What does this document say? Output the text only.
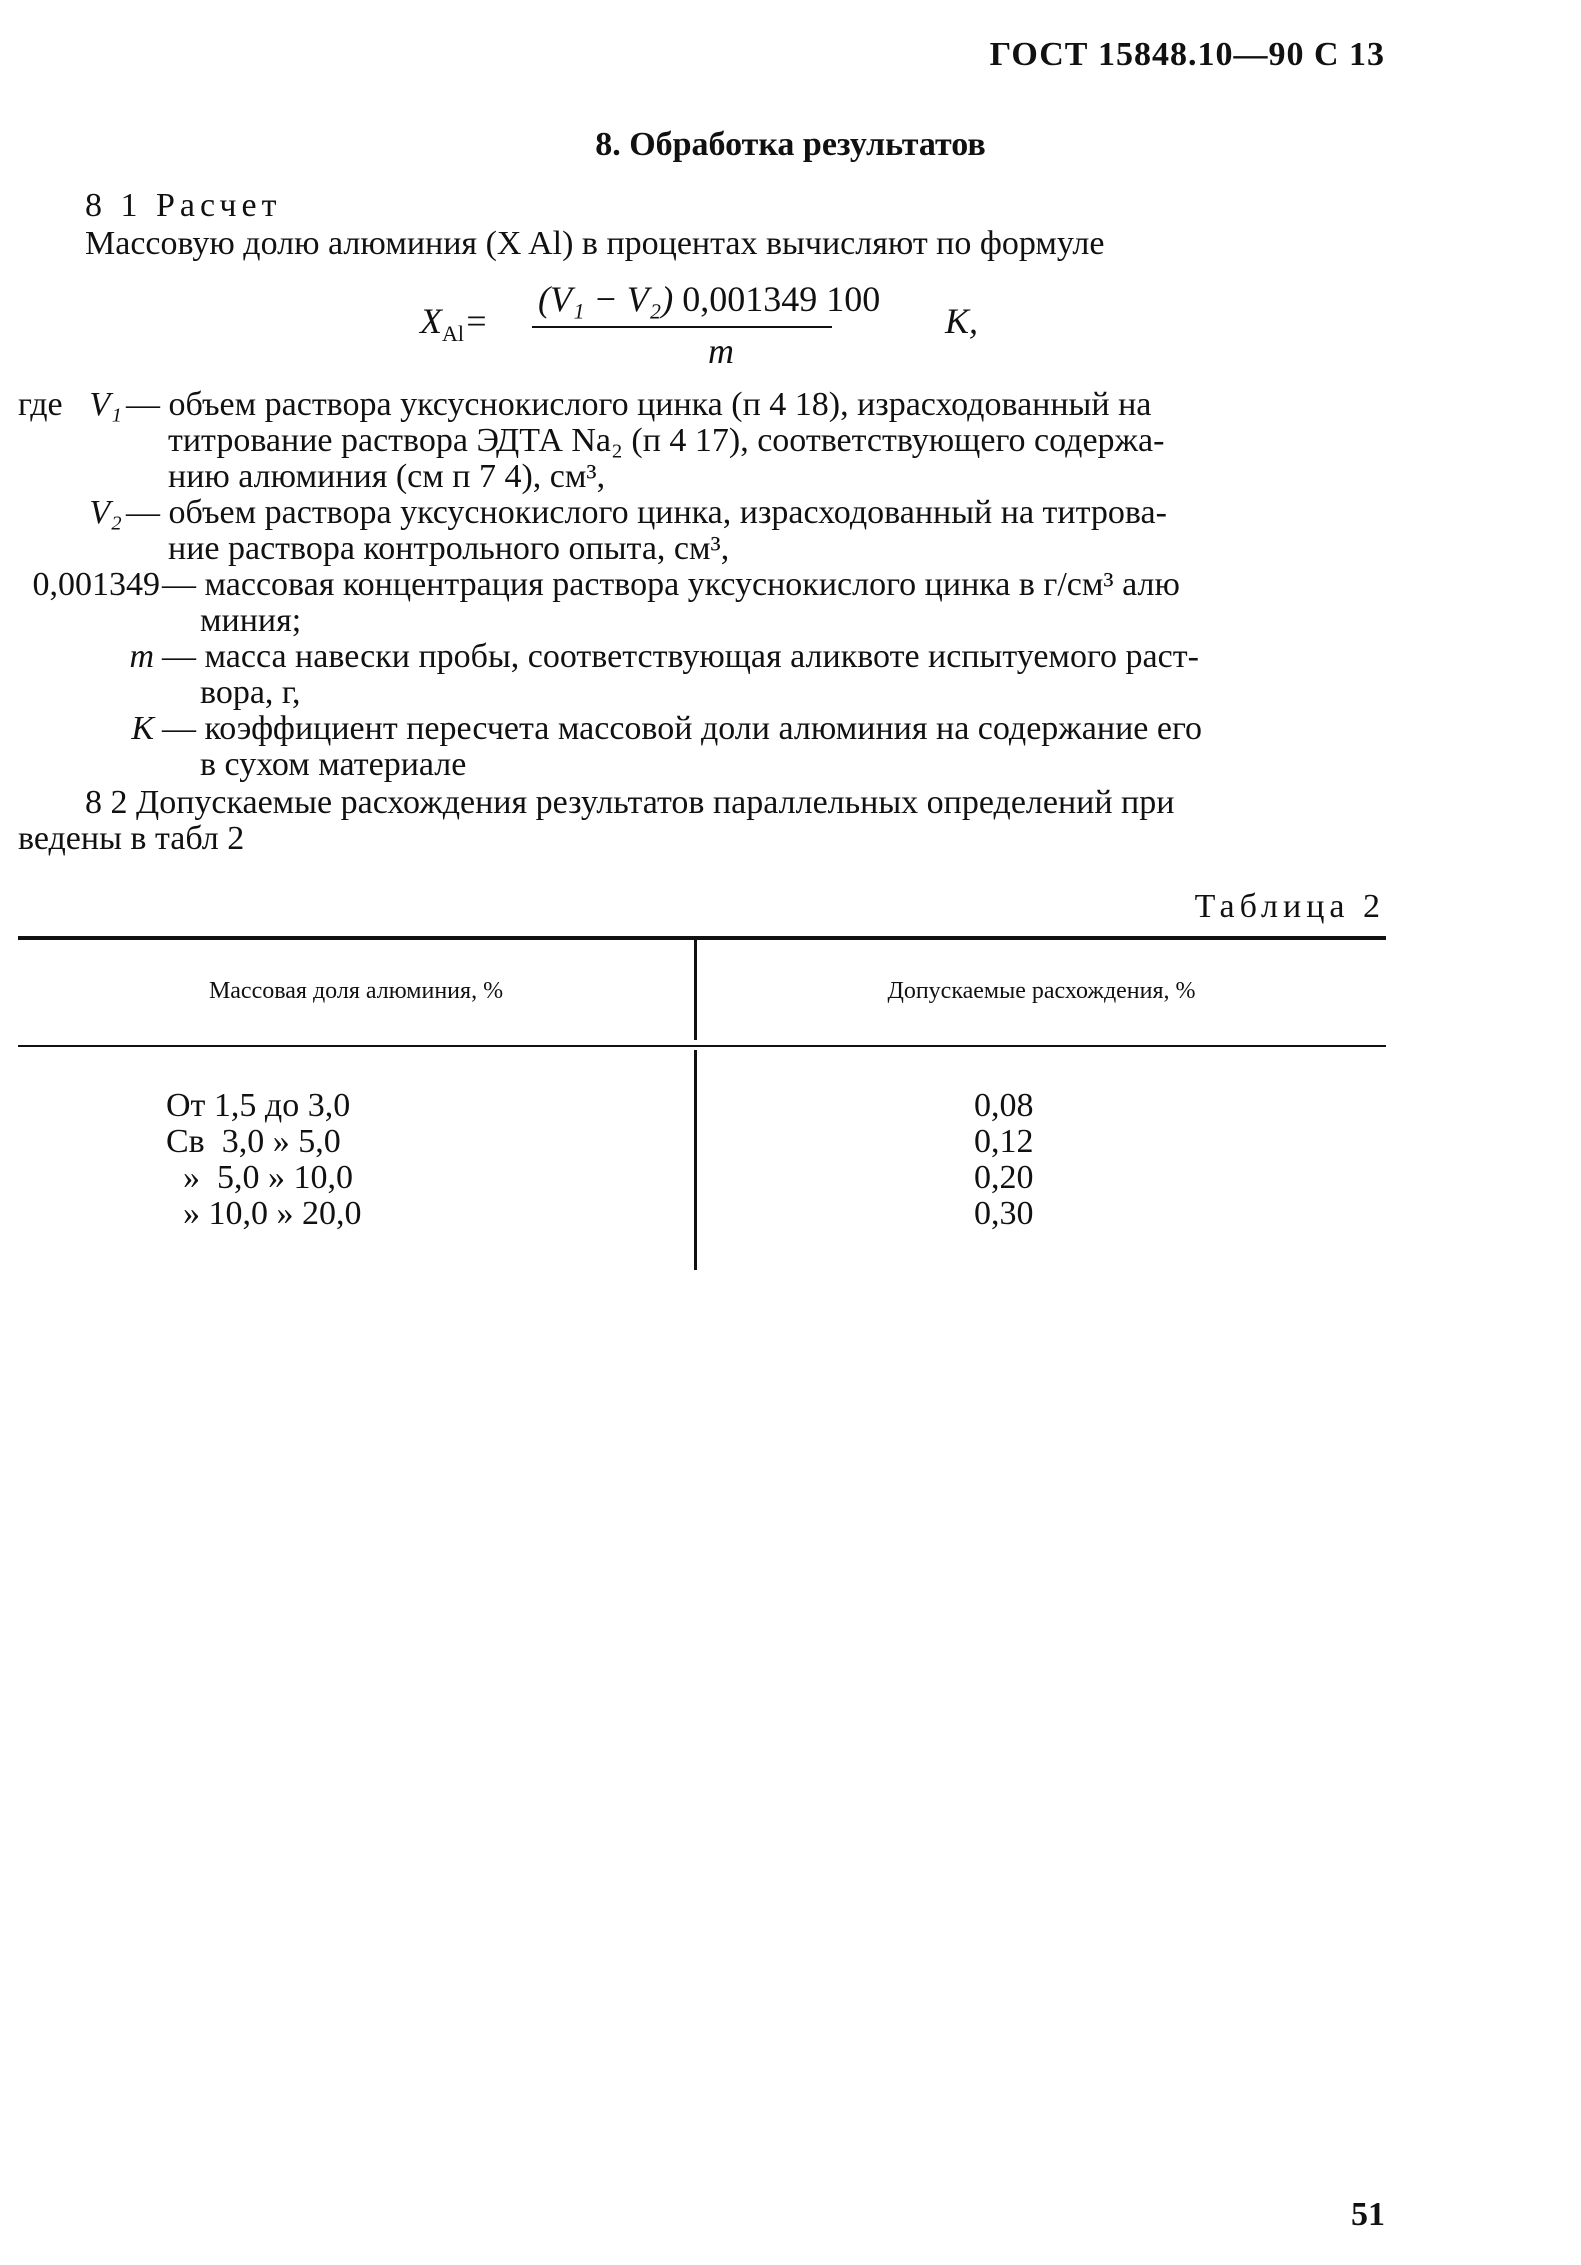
ГОСТ 15848.10—90 С 13
8. Обработка результатов
8 1 Расчет
Массовую долю алюминия (X Al) в процентах вычисляют по формуле
$X_{Al}=$
(V₁ − V₂) 0,001349 100
m
K,
где V₁ — объем раствора уксуснокислого цинка (п 4 18), израсходованный на
титрование раствора ЭДТА Na₂ (п 4 17), соответствующего содержа-
нию алюминия (см п 7 4), см³,
V₂ — объем раствора уксуснокислого цинка, израсходованный на титрова-
ние раствора контрольного опыта, см³,
0,001349 — массовая концентрация раствора уксуснокислого цинка в г/см³ алю
миния;
m — масса навески пробы, соответствующая аликвоте испытуемого раст-
вора, г,
K — коэффициент пересчета массовой доли алюминия на содержание его
в сухом материале
8 2 Допускаемые расхождения результатов параллельных определений при
ведены в табл 2
Таблица 2
Массовая доля алюминия, %	Допускаемые расхождения, %
От 1,5 до 3,0	0,08
Св  3,0 » 5,0	0,12
»  5,0 » 10,0	0,20
» 10,0 » 20,0	0,30
51
